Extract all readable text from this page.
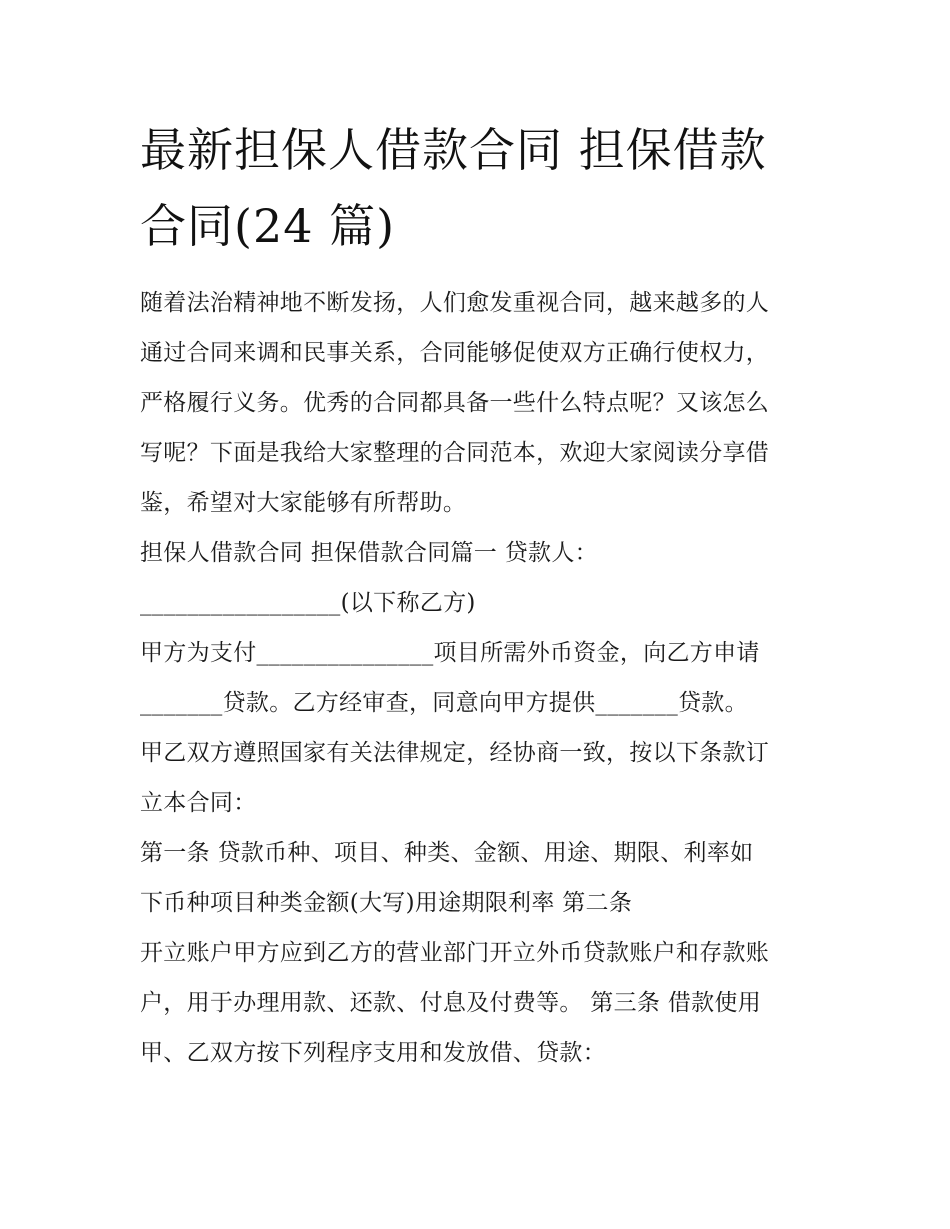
最新担保人借款合同 担保借款
合同(24 篇)
随着法治精神地不断发扬，人们愈发重视合同，越来越多的人
通过合同来调和民事关系，合同能够促使双方正确行使权力，
严格履行义务。优秀的合同都具备一些什么特点呢？又该怎么
写呢？下面是我给大家整理的合同范本，欢迎大家阅读分享借
鉴，希望对大家能够有所帮助。
担保人借款合同 担保借款合同篇一 贷款人：
_________________(以下称乙方)
甲方为支付_______________项目所需外币资金，向乙方申请
_______贷款。乙方经审查，同意向甲方提供_______贷款。
甲乙双方遵照国家有关法律规定，经协商一致，按以下条款订
立本合同：
第一条 贷款币种、项目、种类、金额、用途、期限、利率如
下币种项目种类金额(大写)用途期限利率 第二条
开立账户甲方应到乙方的营业部门开立外币贷款账户和存款账
户，用于办理用款、还款、付息及付费等。 第三条 借款使用
甲、乙双方按下列程序支用和发放借、贷款：
